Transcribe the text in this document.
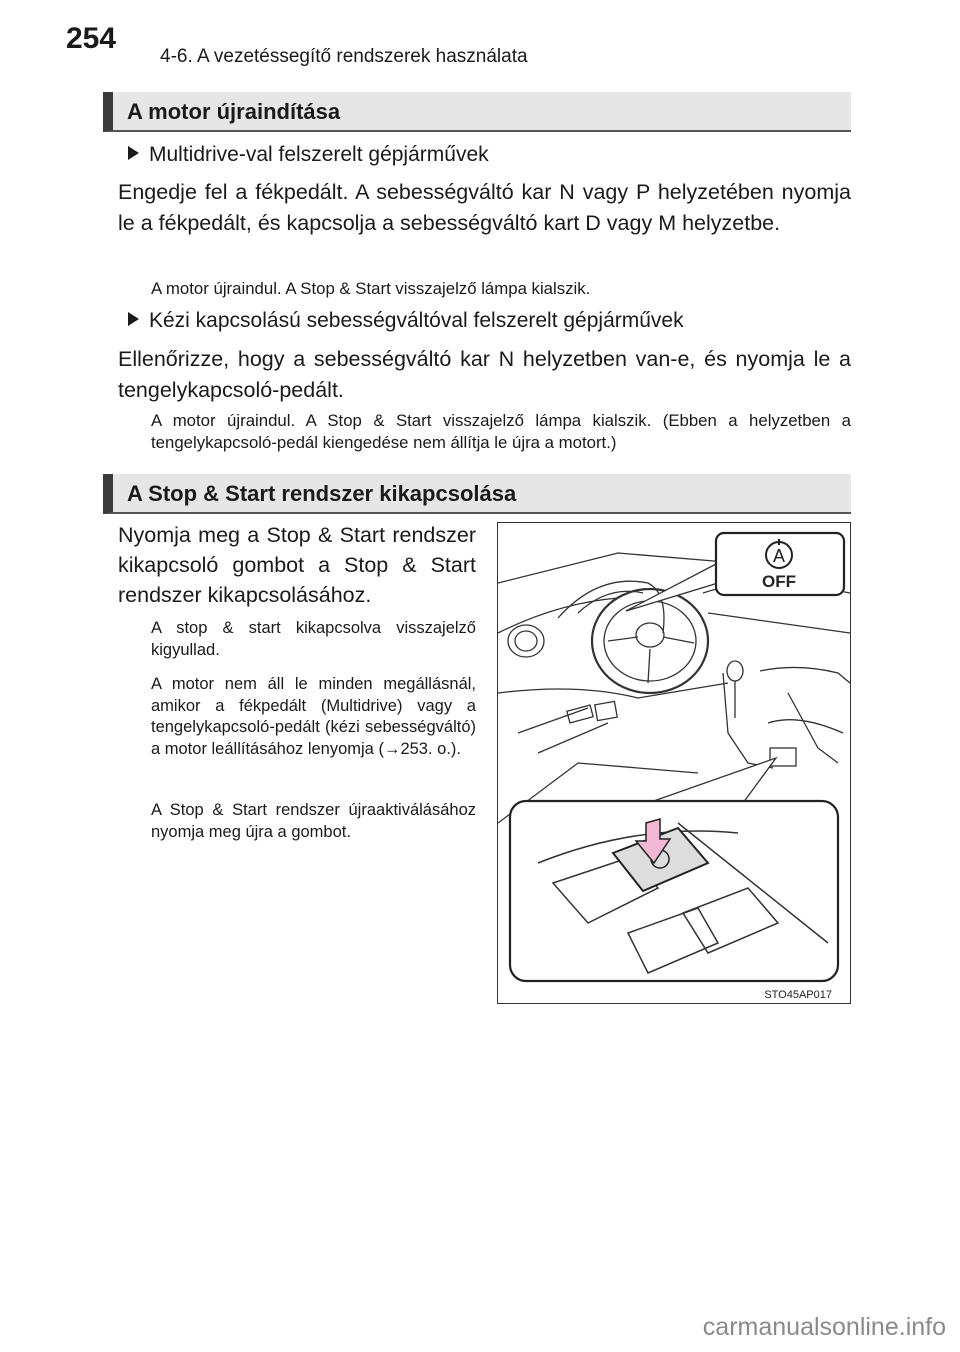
254
4-6. A vezetéssegítő rendszerek használata
A motor újraindítása
Multidrive-val felszerelt gépjárművek
Engedje fel a fékpedált. A sebességváltó kar N vagy P helyzetében nyomja le a fékpedált, és kapcsolja a sebességváltó kart D vagy M helyzetbe.
A motor újraindul. A Stop & Start visszajelző lámpa kialszik.
Kézi kapcsolású sebességváltóval felszerelt gépjárművek
Ellenőrizze, hogy a sebességváltó kar N helyzetben van-e, és nyomja le a tengelykapcsoló-pedált.
A motor újraindul. A Stop & Start visszajelző lámpa kialszik. (Ebben a helyzetben a tengelykapcsoló-pedál kiengedése nem állítja le újra a motort.)
A Stop & Start rendszer kikapcsolása
Nyomja meg a Stop & Start rendszer kikapcsoló gombot a Stop & Start rendszer kikapcsolásához.
A stop & start kikapcsolva visszajelző kigyullad.
A motor nem áll le minden megállásnál, amikor a fékpedált (Multidrive) vagy a tengelykapcsoló-pedált (kézi sebességváltó) a motor leállításához lenyomja (→253. o.).
A Stop & Start rendszer újraaktiválásához nyomja meg újra a gombot.
A
OFF
STO45AP017
carmanualsonline.info
